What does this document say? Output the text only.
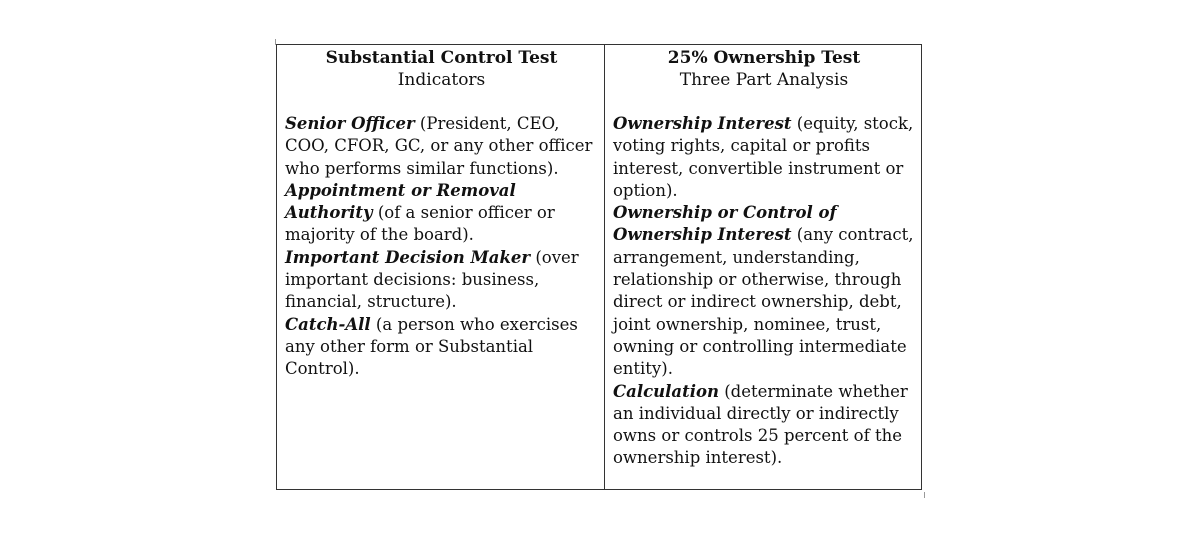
Substantial Control Test
Indicators

Senior Officer (President, CEO, COO, CFOR, GC, or any other officer who performs similar functions).

Appointment or Removal Authority (of a senior officer or majority of the board).

Important Decision Maker (over important decisions: business, financial, structure).

Catch-All (a person who exercises any other form or Substantial Control).

25% Ownership Test
Three Part Analysis

Ownership Interest (equity, stock, voting rights, capital or profits interest, convertible instrument or option).

Ownership or Control of Ownership Interest (any contract, arrangement, understanding, relationship or otherwise, through direct or indirect ownership, debt, joint ownership, nominee, trust, owning or controlling intermediate entity).

Calculation (determinate whether an individual directly or indirectly owns or controls 25 percent of the ownership interest).
